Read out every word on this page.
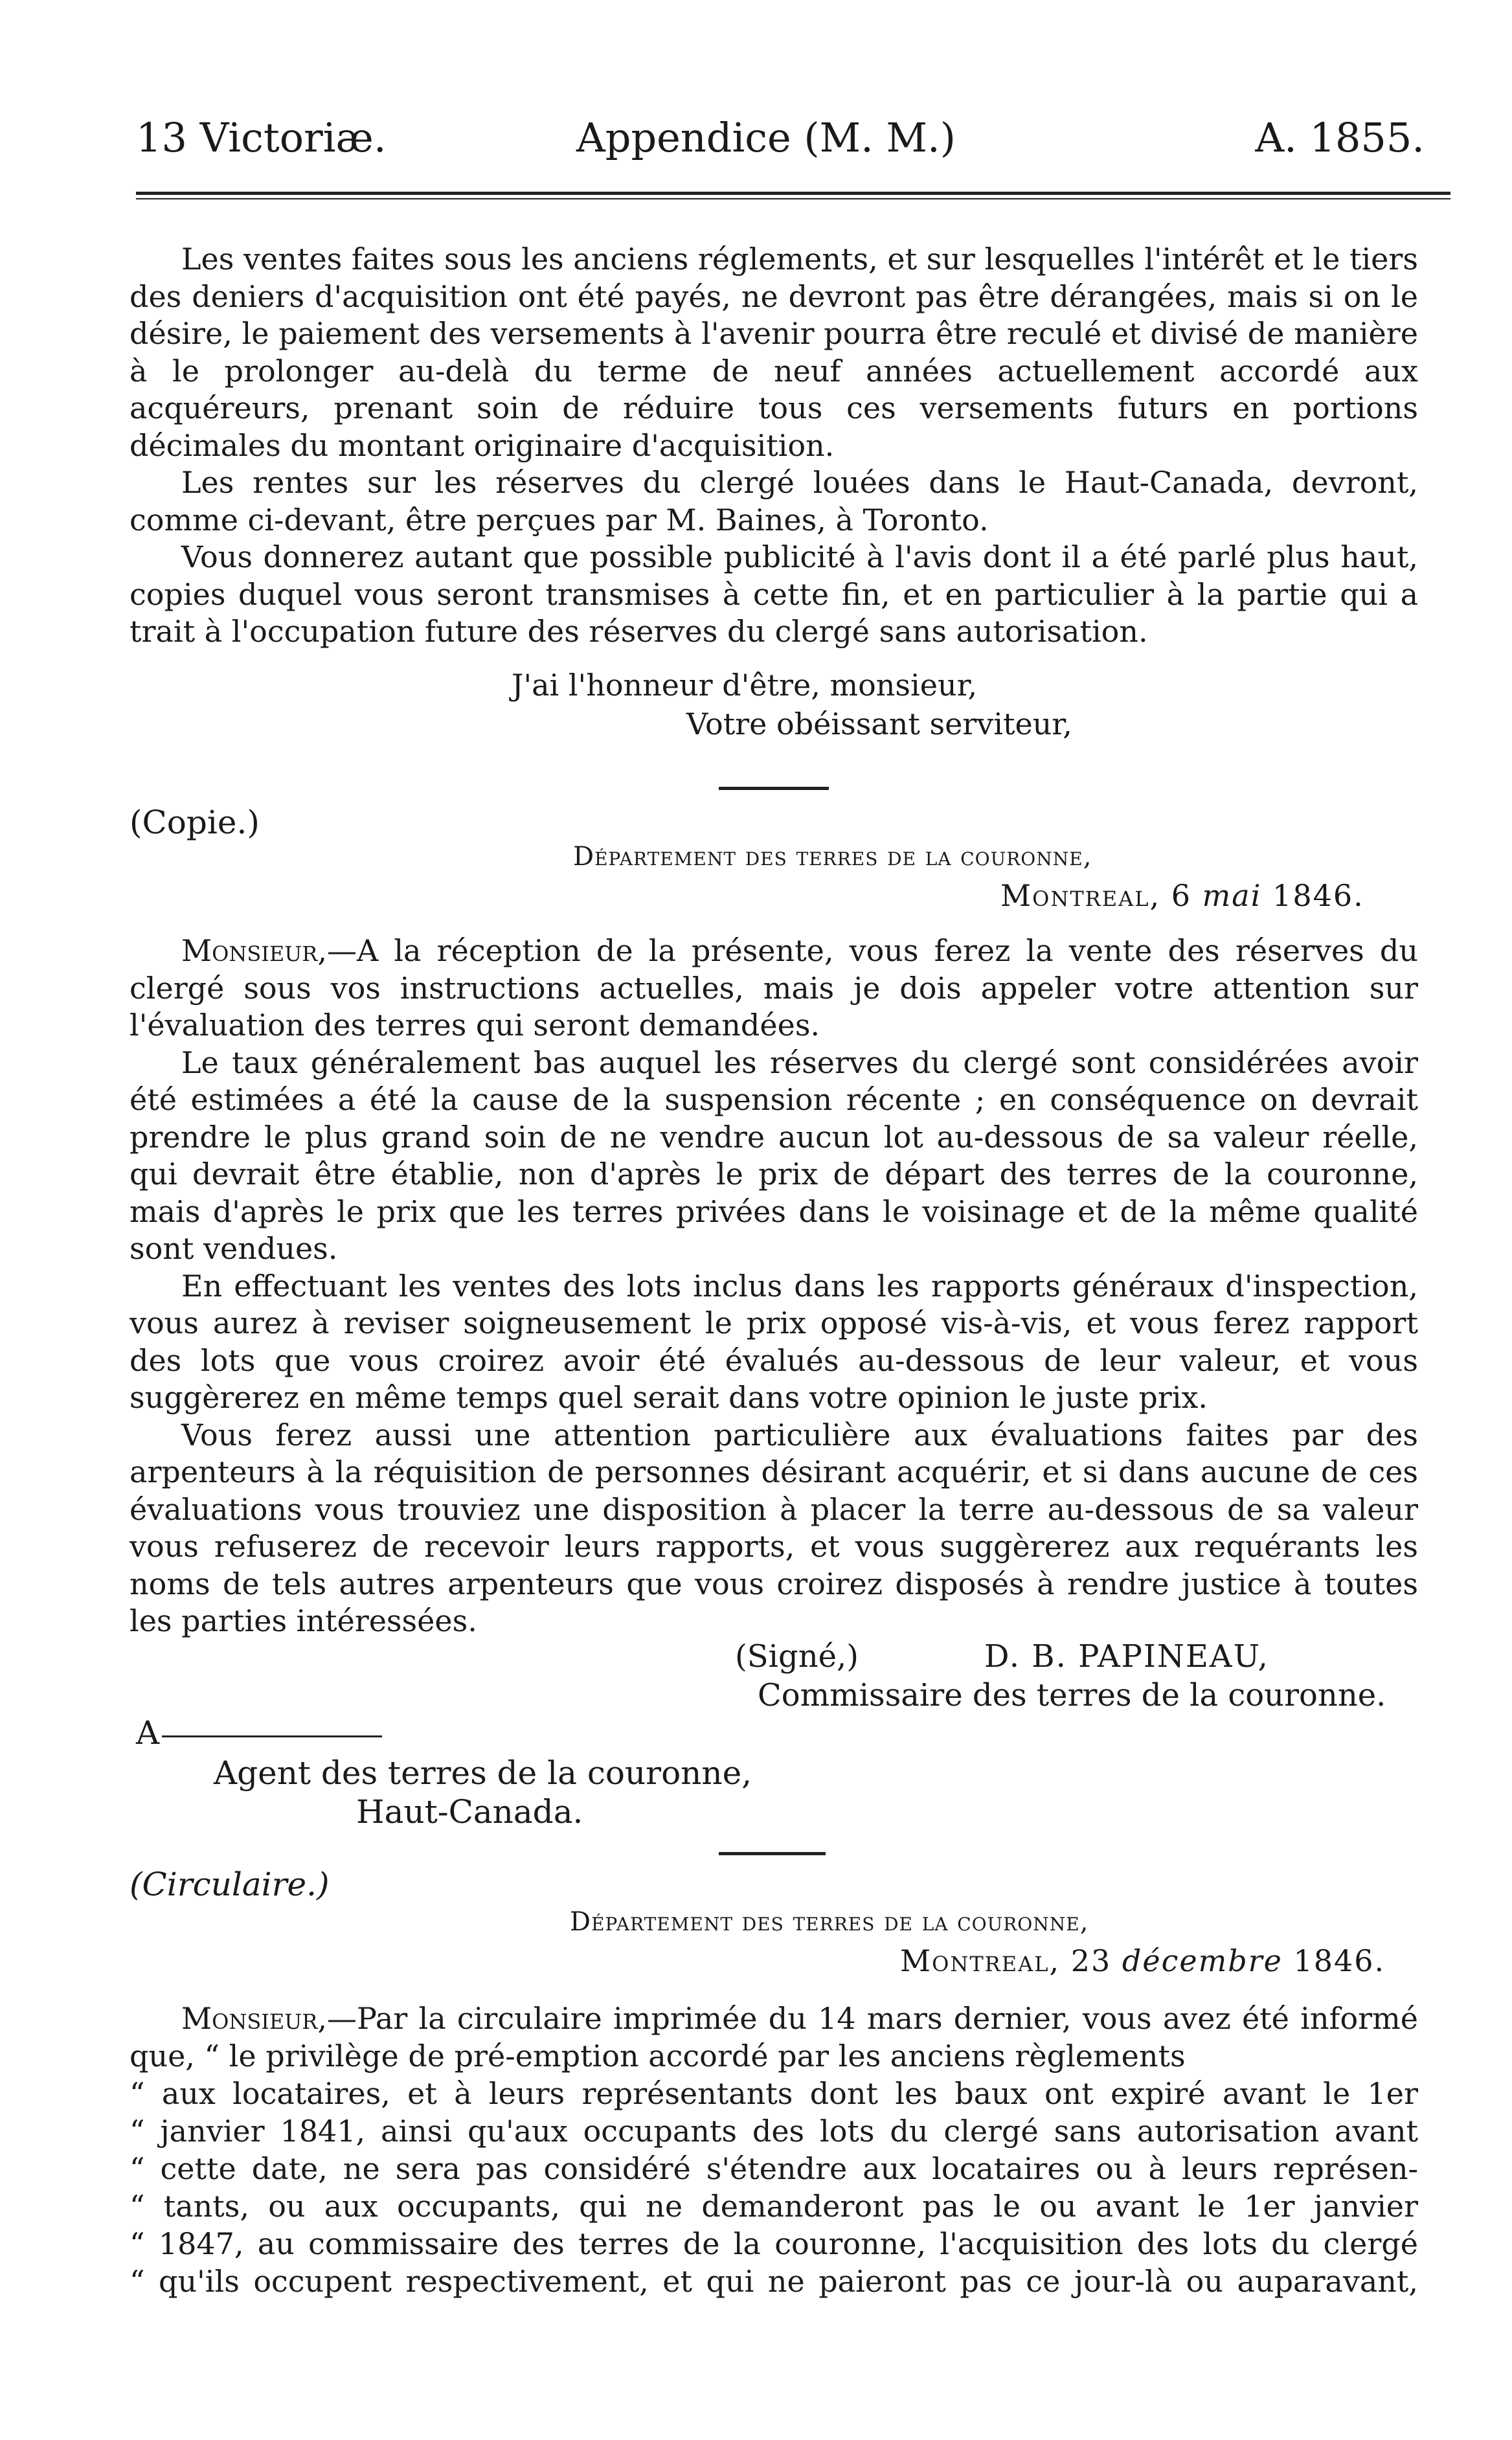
13 Victoriæ.	Appendice (M. M.)	A. 1855.

Les ventes faites sous les anciens réglements, et sur lesquelles l'intérêt et le tiers des deniers d'acquisition ont été payés, ne devront pas être dérangées, mais si on le désire, le paiement des versements à l'avenir pourra être reculé et divisé de manière à le prolonger au-delà du terme de neuf années actuellement accordé aux acquéreurs, prenant soin de réduire tous ces versements futurs en portions décimales du montant originaire d'acquisition.

Les rentes sur les réserves du clergé louées dans le Haut-Canada, devront, comme ci-devant, être perçues par M. Baines, à Toronto.

Vous donnerez autant que possible publicité à l'avis dont il a été parlé plus haut, copies duquel vous seront transmises à cette fin, et en particulier à la partie qui a trait à l'occupation future des réserves du clergé sans autorisation.

J'ai l'honneur d'être, monsieur,
Votre obéissant serviteur,
(Copie.)
Département des terres de la couronne,
Montreal, 6 mai 1846.

Monsieur,—A la réception de la présente, vous ferez la vente des réserves du clergé sous vos instructions actuelles, mais je dois appeler votre attention sur l'évaluation des terres qui seront demandées.

Le taux généralement bas auquel les réserves du clergé sont considérées avoir été estimées a été la cause de la suspension récente ; en conséquence on devrait prendre le plus grand soin de ne vendre aucun lot au-dessous de sa valeur réelle, qui devrait être établie, non d'après le prix de départ des terres de la couronne, mais d'après le prix que les terres privées dans le voisinage et de la même qualité sont vendues.

En effectuant les ventes des lots inclus dans les rapports généraux d'inspection, vous aurez à reviser soigneusement le prix opposé vis-à-vis, et vous ferez rapport des lots que vous croirez avoir été évalués au-dessous de leur valeur, et vous suggèrerez en même temps quel serait dans votre opinion le juste prix.

Vous ferez aussi une attention particulière aux évaluations faites par des arpenteurs à la réquisition de personnes désirant acquérir, et si dans aucune de ces évaluations vous trouviez une disposition à placer la terre au-dessous de sa valeur vous refuserez de recevoir leurs rapports, et vous suggèrerez aux requérants les noms de tels autres arpenteurs que vous croirez disposés à rendre justice à toutes les parties intéressées.

(Signé,)	D. B. PAPINEAU,
Commissaire des terres de la couronne.
A
Agent des terres de la couronne,
Haut-Canada.
(Circulaire.)
Département des terres de la couronne,
Montreal, 23 décembre 1846.

Monsieur,—Par la circulaire imprimée du 14 mars dernier, vous avez été informé que, “ le privilège de pré-emption accordé par les anciens règlements

“ aux locataires, et à leurs représentants dont les baux ont expiré avant le 1er
“ janvier 1841, ainsi qu'aux occupants des lots du clergé sans autorisation avant
“ cette date, ne sera pas considéré s'étendre aux locataires ou à leurs représen-
“ tants, ou aux occupants, qui ne demanderont pas le ou avant le 1er janvier
“ 1847, au commissaire des terres de la couronne, l'acquisition des lots du clergé
“ qu'ils occupent respectivement, et qui ne paieront pas ce jour-là ou auparavant,
